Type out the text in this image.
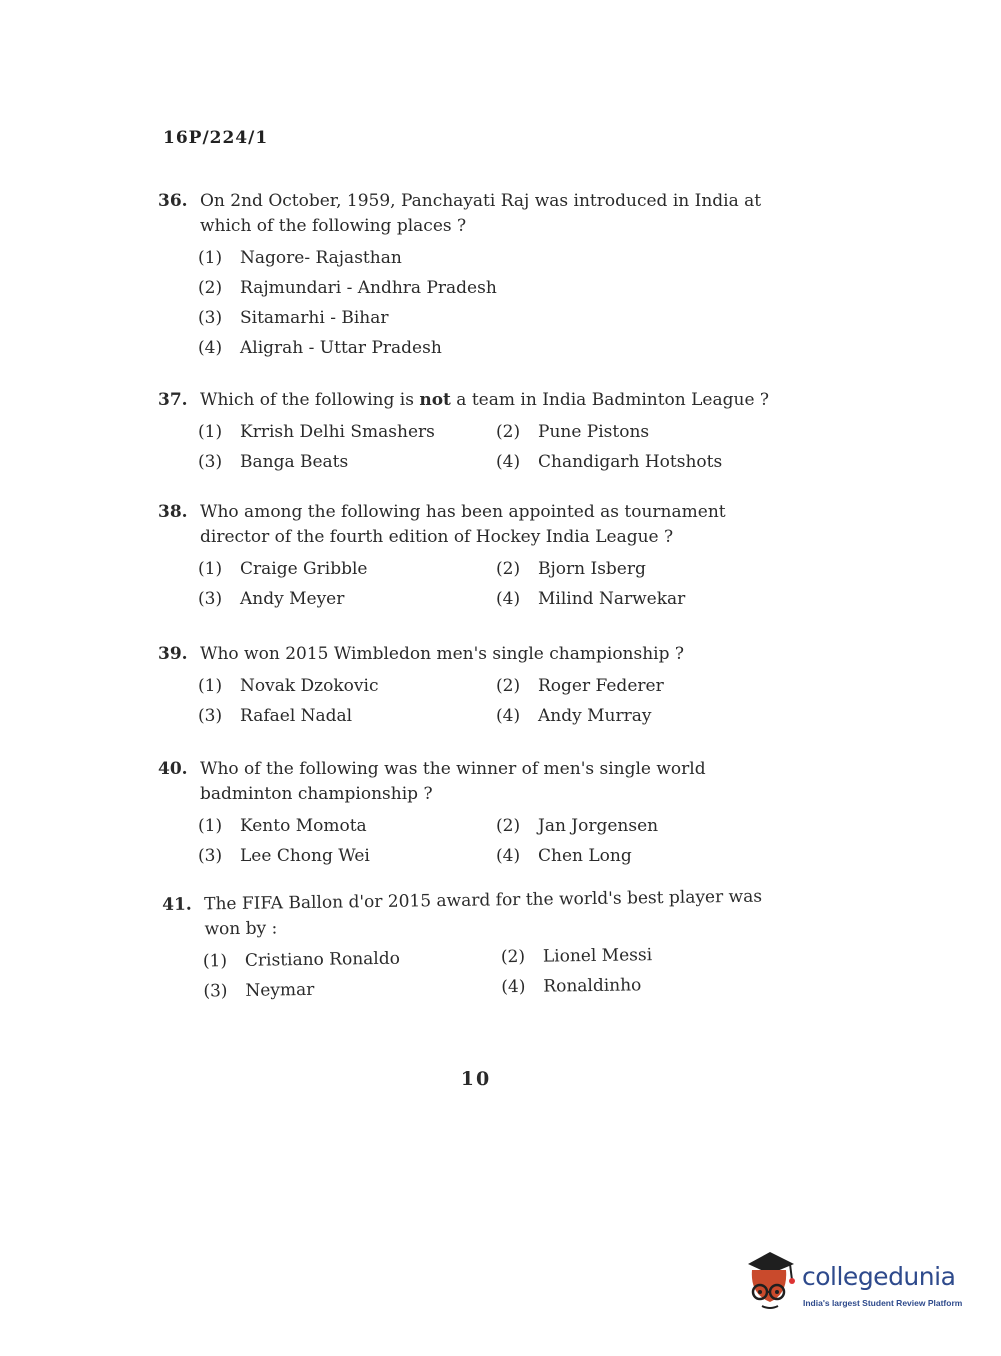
16P/224/1
36. On 2nd October, 1959, Panchayati Raj was introduced in India at which of the following places ?
(1) Nagore- Rajasthan
(2) Rajmundari - Andhra Pradesh
(3) Sitamarhi - Bihar
(4) Aligrah - Uttar Pradesh
37. Which of the following is not a team in India Badminton League ?
(1) Krrish Delhi Smashers	(2) Pune Pistons
(3) Banga Beats	(4) Chandigarh Hotshots
38. Who among the following has been appointed as tournament director of the fourth edition of Hockey India League ?
(1) Craige Gribble	(2) Bjorn Isberg
(3) Andy Meyer	(4) Milind Narwekar
39. Who won 2015 Wimbledon men's single championship ?
(1) Novak Dzokovic	(2) Roger Federer
(3) Rafael Nadal	(4) Andy Murray
40. Who of the following was the winner of men's single world badminton championship ?
(1) Kento Momota	(2) Jan Jorgensen
(3) Lee Chong Wei	(4) Chen Long
41. The FIFA Ballon d'or 2015 award for the world's best player was won by :
(1) Cristiano Ronaldo	(2) Lionel Messi
(3) Neymar	(4) Ronaldinho
10
collegedunia
India's largest Student Review Platform
